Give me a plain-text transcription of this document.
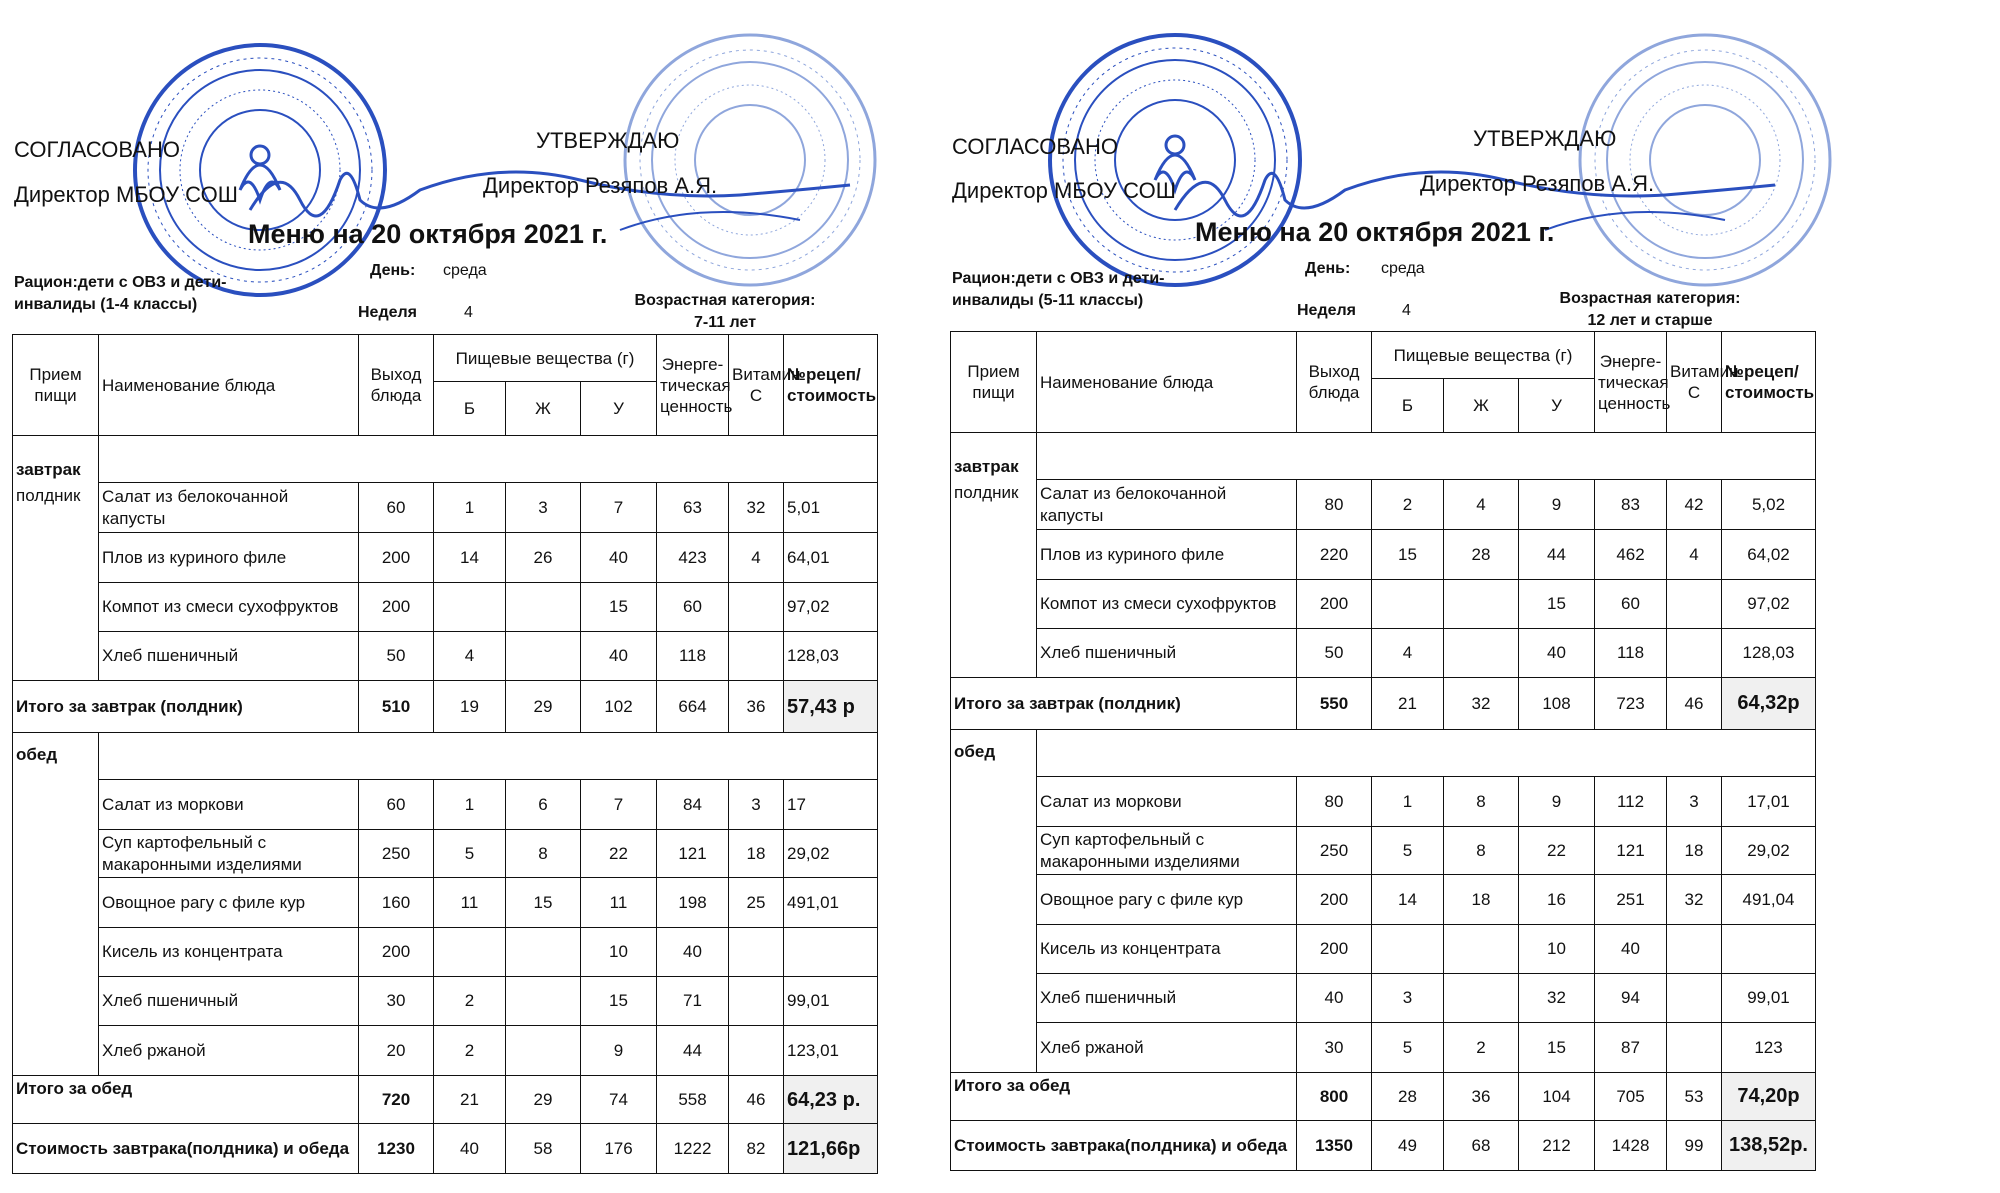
СОГЛАСОВАНО
Директор МБОУ СОШ
УТВЕРЖДАЮ
Директор Резяпов А.Я.
Меню на 20 октября 2021 г.
Рацион:дети с ОВЗ и дети-инвалиды (1-4 классы)
День: среда
Неделя	4
Возрастная категория:
7-11 лет
Прием пищи	Наименование блюда	Выход блюда	Пищевые вещества (г)			Энерге-тическая ценность	Витамин С	№рецеп/стоимость
			Б	Ж	У			
завтрак
полдник								

	Салат из белокочанной капусты	60	1	3	7	63	32	5,01
	Плов из куриного филе	200	14	26	40	423	4	64,01
	Компот из смеси сухофруктов	200			15	60		97,02
	Хлеб пшеничный	50	4		40	118		128,03
Итого за завтрак (полдник)		510	19	29	102	664	36	57,43 р
обед								
	Салат из моркови	60	1	6	7	84	3	17
	Суп картофельный с макаронными изделиями	250	5	8	22	121	18	29,02
	Овощное рагу с филе кур	160	11	15	11	198	25	491,01
	Кисель из концентрата	200			10	40		
	Хлеб пшеничный	30	2		15	71		99,01
	Хлеб ржаной	20	2		9	44		123,01
Итого за обед		720	21	29	74	558	46	64,23 р.
Стоимость завтрака(полдника) и обеда		1230	40	58	176	1222	82	121,66р
СОГЛАСОВАНО
Директор МБОУ СОШ
УТВЕРЖДАЮ
Директор Резяпов А.Я.
Меню на 20 октября 2021 г.
Рацион:дети с ОВЗ и дети-инвалиды (5-11 классы)
День: среда
Неделя	4
Возрастная категория:
12 лет и старше
Прием пищи	Наименование блюда	Выход блюда	Пищевые вещества (г)			Энерге-тическая ценность	Витамин С	№рецеп/стоимость
			Б	Ж	У			
завтрак
полдник								

	Салат из белокочанной капусты	80	2	4	9	83	42	5,02
	Плов из куриного филе	220	15	28	44	462	4	64,02
	Компот из смеси сухофруктов	200			15	60		97,02
	Хлеб пшеничный	50	4		40	118		128,03
Итого за завтрак (полдник)		550	21	32	108	723	46	64,32р
обед								
	Салат из моркови	80	1	8	9	112	3	17,01
	Суп картофельный с макаронными изделиями	250	5	8	22	121	18	29,02
	Овощное рагу с филе кур	200	14	18	16	251	32	491,04
	Кисель из концентрата	200			10	40		
	Хлеб пшеничный	40	3		32	94		99,01
	Хлеб ржаной	30	5	2	15	87		123
Итого за обед		800	28	36	104	705	53	74,20р
Стоимость завтрака(полдника) и обеда		1350	49	68	212	1428	99	138,52р.
